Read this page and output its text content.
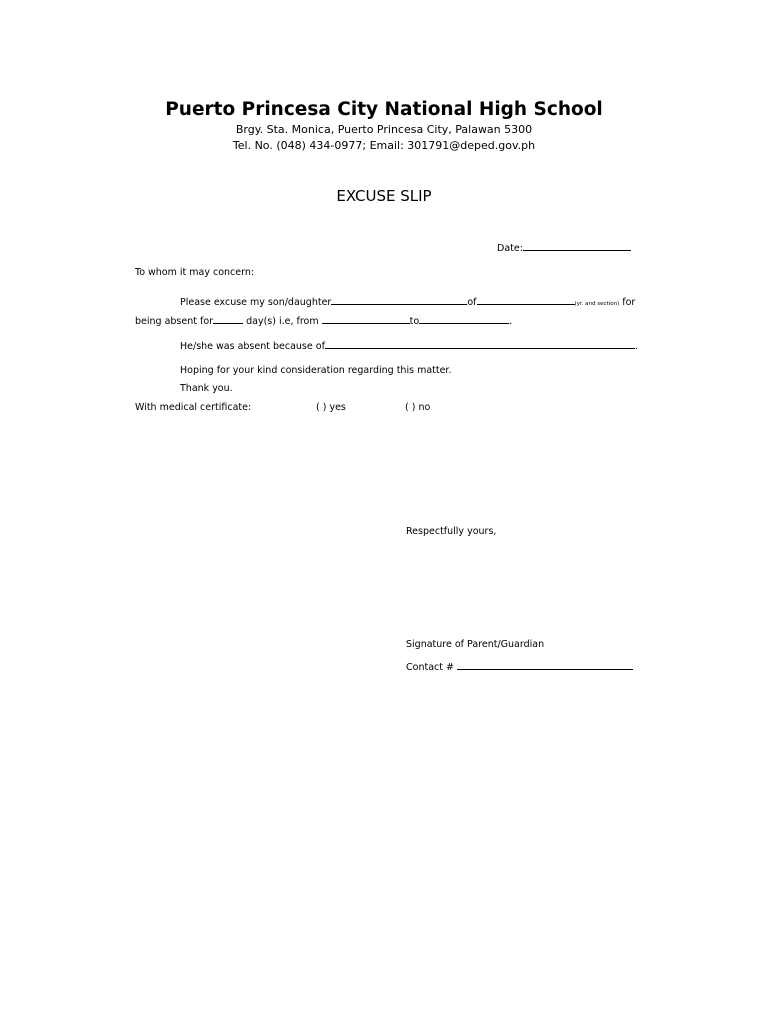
Puerto Princesa City National High School
Brgy. Sta. Monica, Puerto Princesa City, Palawan 5300
Tel. No. (048) 434-0977; Email: 301791@deped.gov.ph
EXCUSE SLIP
Date:
To whom it may concern:
Please excuse my son/daughter	of	(yr. and section) for
being absent for	day(s) i.e, from	to	.
He/she was absent because of	.
Hoping for your kind consideration regarding this matter.
Thank you.
With medical certificate:	( ) yes	( ) no
Respectfully yours,
Signature of Parent/Guardian
Contact #
